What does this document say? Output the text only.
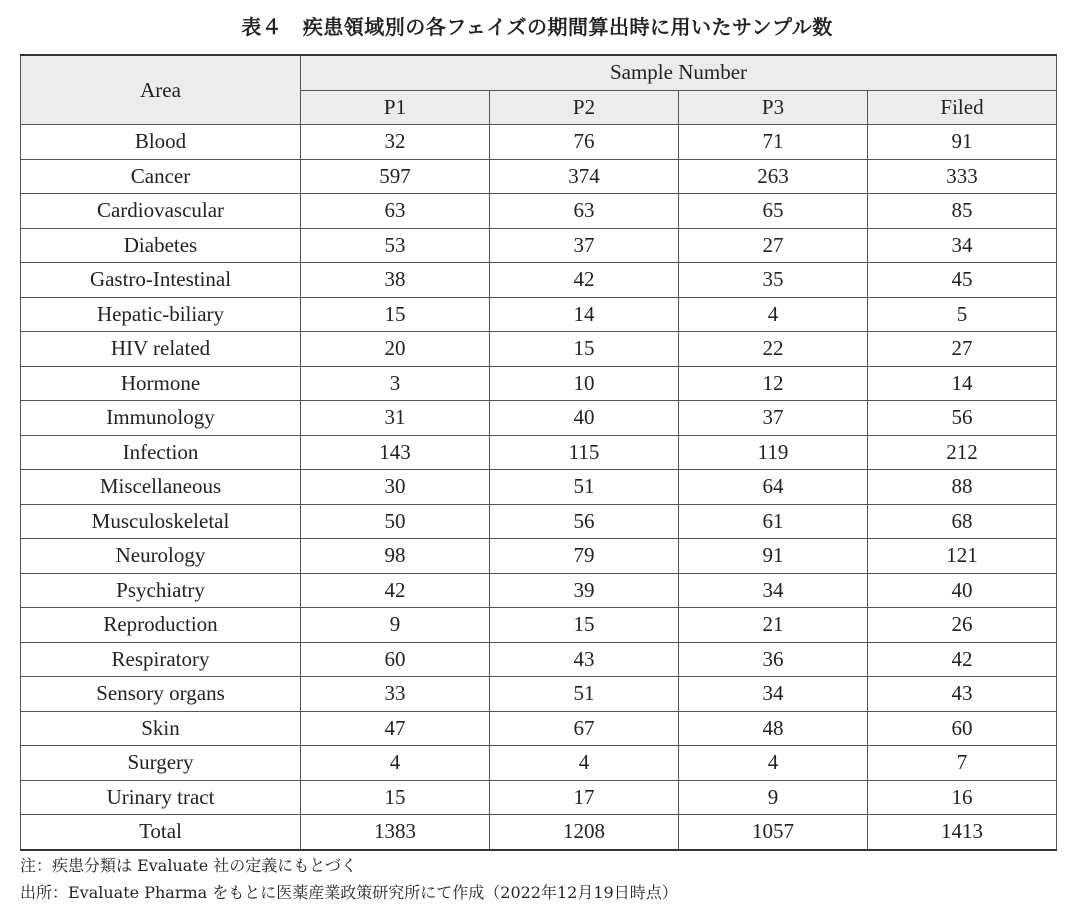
表４　疾患領域別の各フェイズの期間算出時に用いたサンプル数
Area	Sample Number			
	P1	P2	P3	Filed
Blood	32	76	71	91
Cancer	597	374	263	333
Cardiovascular	63	63	65	85
Diabetes	53	37	27	34
Gastro-Intestinal	38	42	35	45
Hepatic-biliary	15	14	4	5
HIV related	20	15	22	27
Hormone	3	10	12	14
Immunology	31	40	37	56
Infection	143	115	119	212
Miscellaneous	30	51	64	88
Musculoskeletal	50	56	61	68
Neurology	98	79	91	121
Psychiatry	42	39	34	40
Reproduction	9	15	21	26
Respiratory	60	43	36	42
Sensory organs	33	51	34	43
Skin	47	67	48	60
Surgery	4	4	4	7
Urinary tract	15	17	9	16
Total	1383	1208	1057	1413
注：疾患分類は Evaluate 社の定義にもとづく
出所：Evaluate Pharma をもとに医薬産業政策研究所にて作成（2022年12月19日時点）
